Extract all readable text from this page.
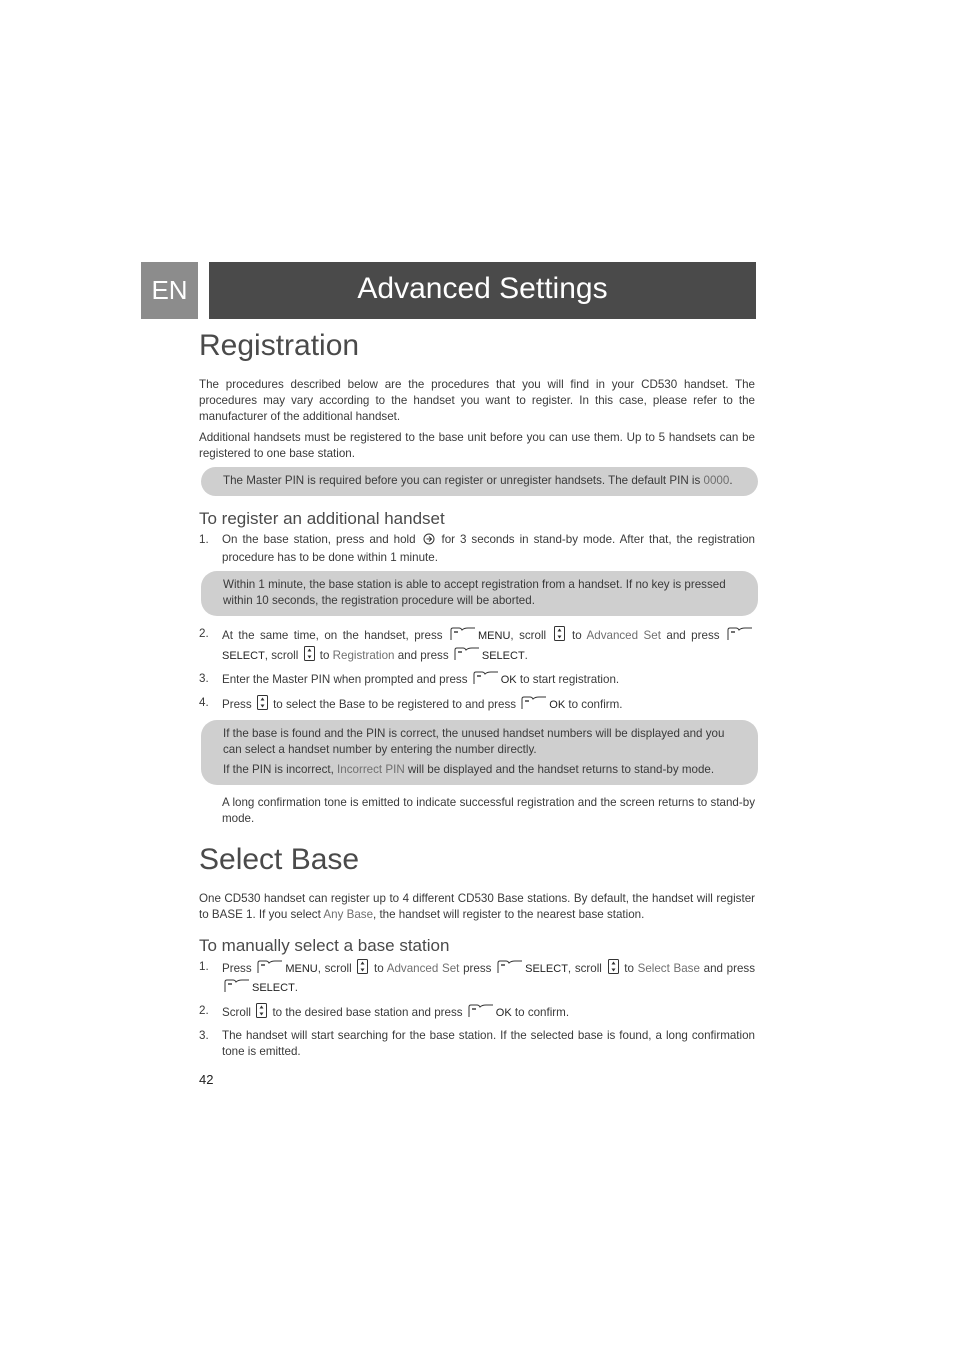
EN	Advanced Settings
Registration

The procedures described below are the procedures that you will find in your CD530 handset. The procedures may vary according to the handset you want to register. In this case, please refer to the manufacturer of the additional handset.

Additional handsets must be registered to the base unit before you can use them. Up to 5 handsets can be registered to one base station.

The Master PIN is required before you can register or unregister handsets. The default PIN is 0000.

To register an additional handset
1. On the base station, press and hold  for 3 seconds in stand-by mode. After that, the registration procedure has to be done within 1 minute.

Within 1 minute, the base station is able to accept registration from a handset. If no key is pressed within 10 seconds, the registration procedure will be aborted.

2. At the same time, on the handset, press	MENU, scroll  to Advanced Set and press SELECT, scroll  to Registration and press	SELECT.
3. Enter the Master PIN when prompted and press	OK to start registration.
4. Press  to select the Base to be registered to and press	OK to confirm.

If the base is found and the PIN is correct, the unused handset numbers will be displayed and you can select a handset number by entering the number directly.

If the PIN is incorrect, Incorrect PIN will be displayed and the handset returns to stand-by mode.

A long confirmation tone is emitted to indicate successful registration and the screen returns to stand-by mode.

Select Base

One CD530 handset can register up to 4 different CD530 Base stations. By default, the handset will register to BASE 1. If you select Any Base, the handset will register to the nearest base station.

To manually select a base station
1. Press	MENU, scroll  to Advanced Set press	SELECT, scroll  to Select Base and press SELECT.
2. Scroll  to the desired base station and press	OK to confirm.
3. The handset will start searching for the base station. If the selected base is found, a long confirmation tone is emitted.
42
